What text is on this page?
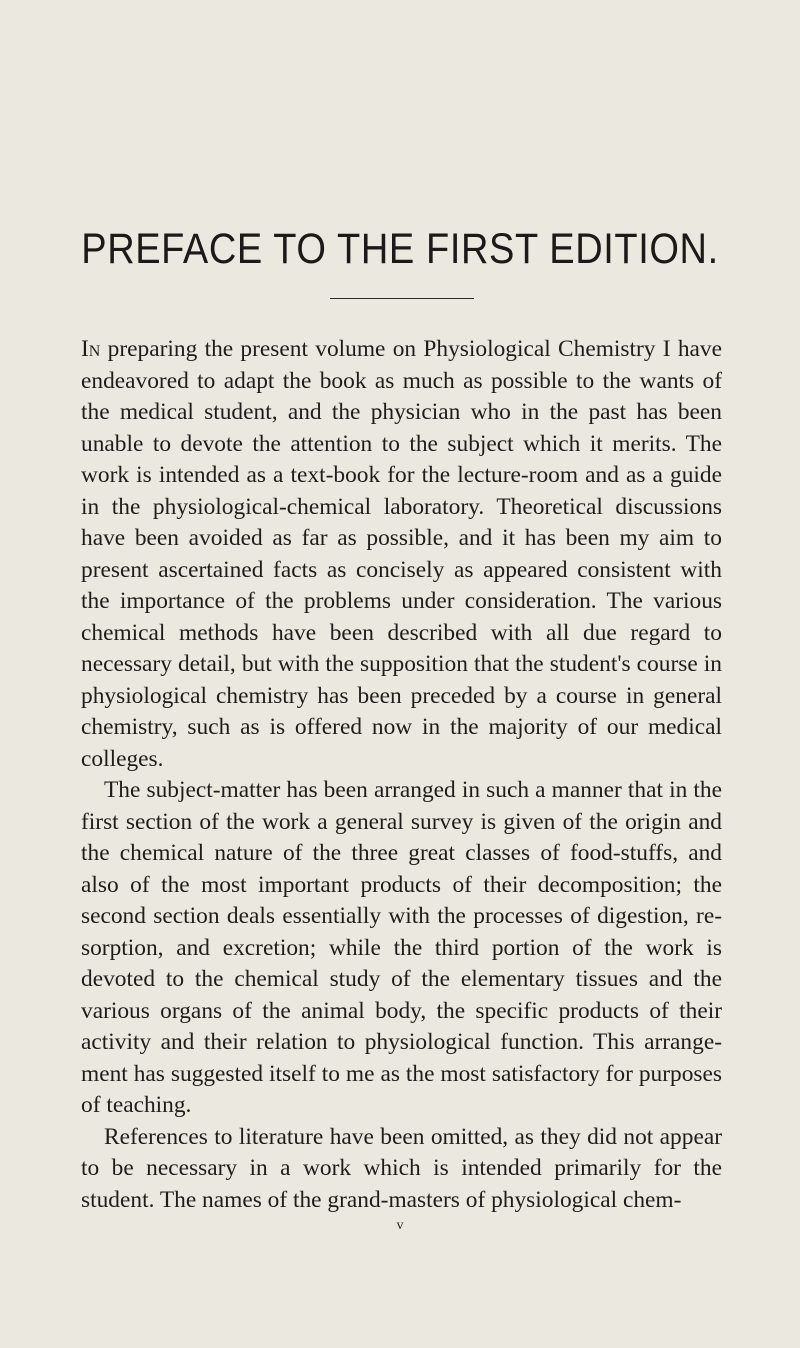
PREFACE TO THE FIRST EDITION.

In preparing the present volume on Physiological Chemistry I have endeavored to adapt the book as much as possible to the wants of the medical student, and the physician who in the past has been unable to devote the attention to the subject which it merits. The work is intended as a text-book for the lecture-room and as a guide in the physiological-chemical laboratory. Theoretical discussions have been avoided as far as possible, and it has been my aim to present ascertained facts as concisely as appeared consistent with the importance of the problems under consideration. The various chemical methods have been described with all due regard to necessary detail, but with the supposition that the student's course in physiological chemistry has been preceded by a course in general chemistry, such as is offered now in the majority of our medical colleges.

The subject-matter has been arranged in such a manner that in the first section of the work a general survey is given of the origin and the chemical nature of the three great classes of food-stuffs, and also of the most important products of their decomposition; the second section deals essentially with the processes of digestion, re-sorption, and excretion; while the third portion of the work is devoted to the chemical study of the elementary tissues and the various organs of the animal body, the specific products of their activity and their relation to physiological function. This arrange-ment has suggested itself to me as the most satisfactory for purposes of teaching.

References to literature have been omitted, as they did not appear to be necessary in a work which is intended primarily for the student. The names of the grand-masters of physiological chem-

v
